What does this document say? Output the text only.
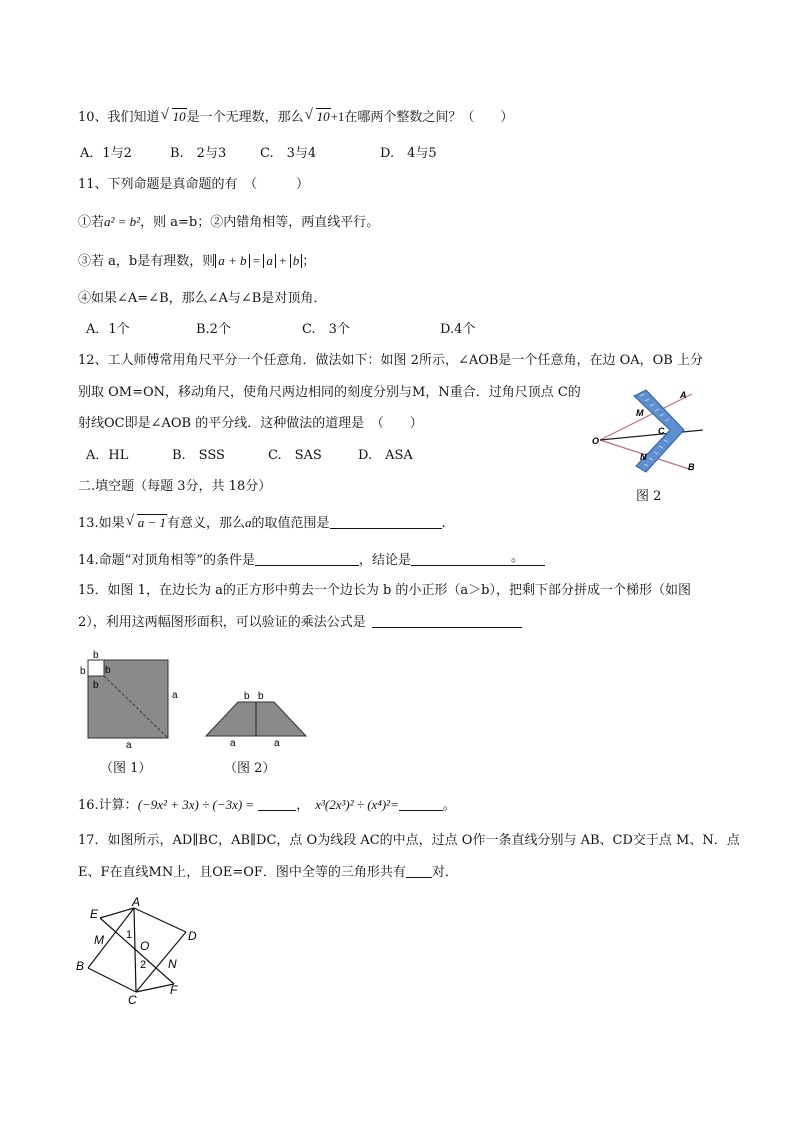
10、我们知道 √ 10是一个无理数，那么 √ 10+1在哪两个整数之间？（　　）
A．1与2	B.　2与3	C.　3与4	D.　4与5
11、下列命题是真命题的有　（　　　）
①若a² = b²，则 a=b；②内错角相等，两直线平行。
③若 a，b是有理数，则 a + b = a + b ；
④如果∠A=∠B，那么∠A与∠B是对顶角．
A．1个	B.2个	C.　3个	D.4个
12、工人师傅常用角尺平分一个任意角．做法如下：如图 2所示，∠AOB是一个任意角，在边 OA，OB 上分
别取 OM=ON，移动角尺，使角尺两边相同的刻度分别与M，N重合．过角尺顶点 C的
射线OC即是∠AOB 的平分线．这种做法的道理是　（　　）
A．HL	B.　SSS	C.　SAS	D.　ASA
A
M
C
O
N
B
图 2
二.填空题（每题 3分，共 18分）
13.如果 √ a − 1有意义，那么a的取值范围是	.
14.命题“对顶角相等”的条件是	，结论是	。
15．如图 1，在边长为 a的正方形中剪去一个边长为 b 的小正形（a＞b），把剩下部分拼成一个梯形（如图
2），利用这两幅图形面积，可以验证的乘法公式是
b
b b
b
a
a
（图 1）
b b
a	a
（图 2）
16.计算：(−9x² + 3x) ÷ (−3x) =	， x³(2x³)² ÷ (x⁴)²=	。
17．如图所示，AD∥BC，AB∥DC，点 O为线段 AC的中点，过点 O作一条直线分别与 AB、CD交于点 M、N．点
E、F在直线MN上，且OE=OF．图中全等的三角形共有 对．
E
A
M 1
O
D
B	2 N
C
F
